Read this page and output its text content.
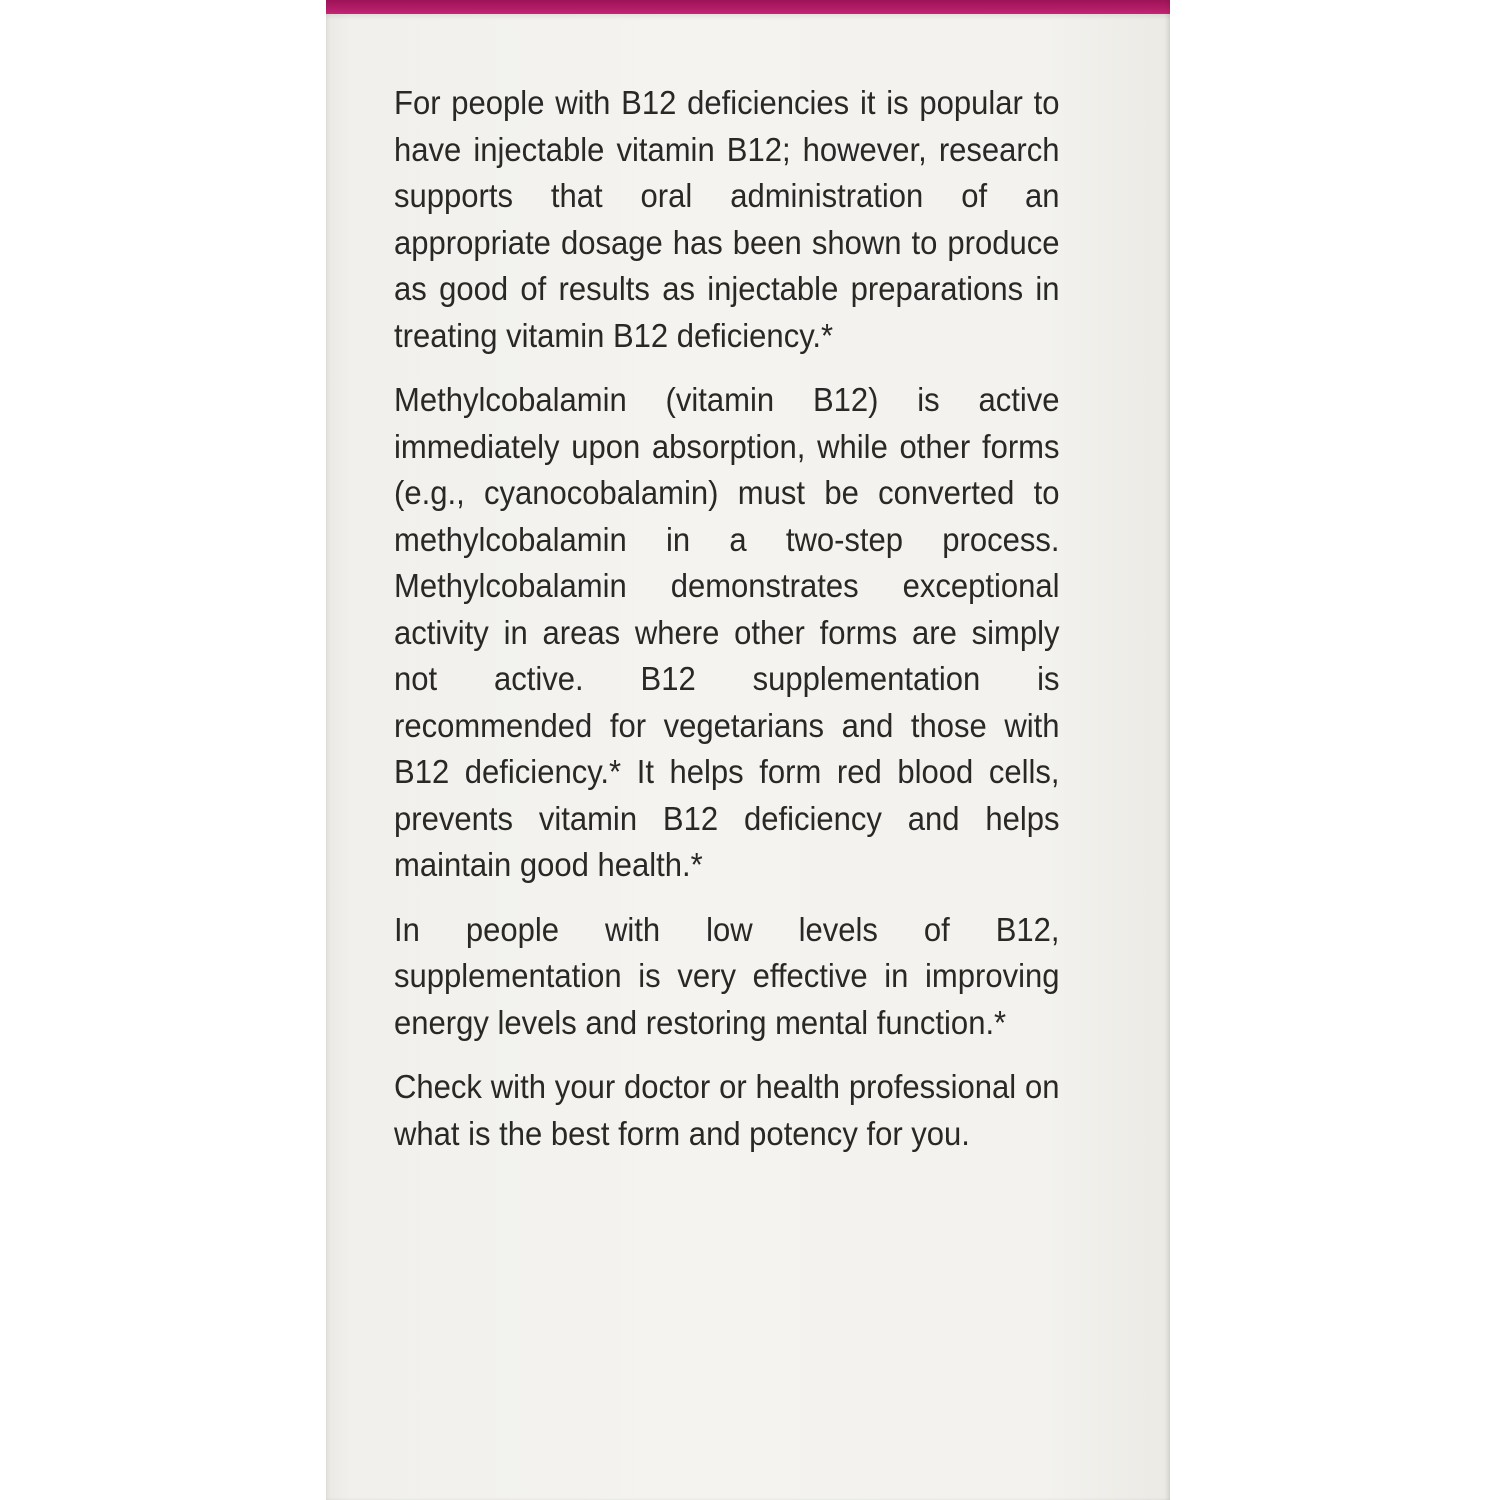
For people with B12 deficiencies it is popular to have injectable vitamin B12; however, research supports that oral administration of an appropriate dosage has been shown to produce as good of results as injectable preparations in treating vitamin B12 deficiency.*

Methylcobalamin (vitamin B12) is active immediately upon absorption, while other forms (e.g., cyanocobalamin) must be converted to methylcobalamin in a two-step process. Methylcobalamin demonstrates exceptional activity in areas where other forms are simply not active. B12 supplementation is recommended for vegetarians and those with B12 deficiency.* It helps form red blood cells, prevents vitamin B12 deficiency and helps maintain good health.*

In people with low levels of B12, supplementation is very effective in improving energy levels and restoring mental function.*

Check with your doctor or health professional on what is the best form and potency for you.
